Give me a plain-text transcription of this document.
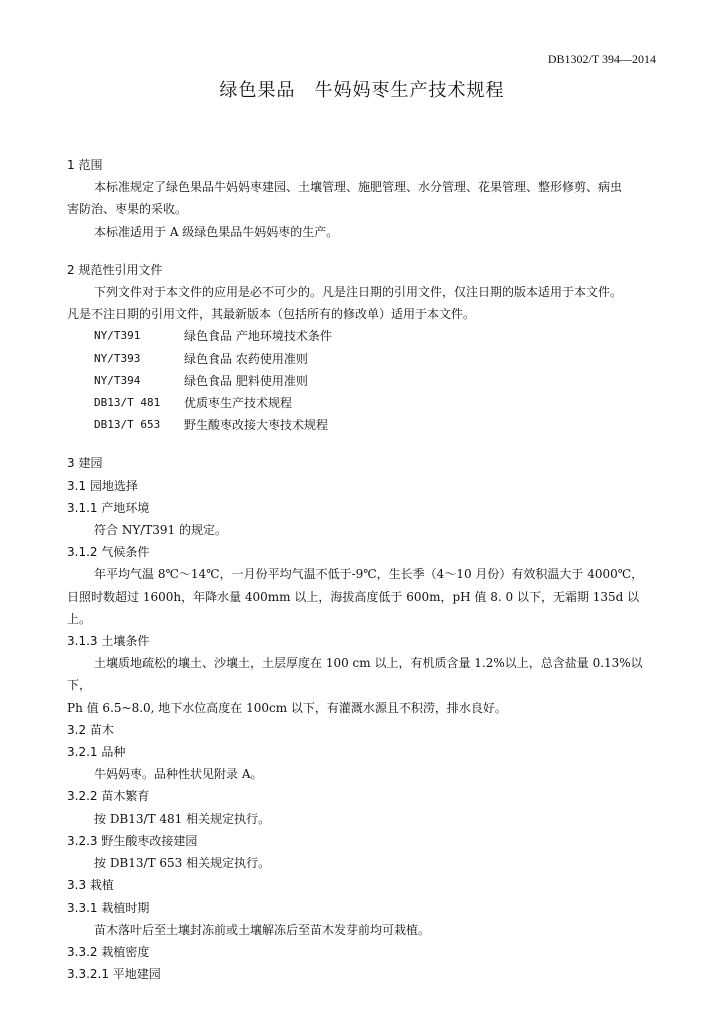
DB1302/T 394—2014
绿色果品　牛妈妈枣生产技术规程
1 范围

本标准规定了绿色果品牛妈妈枣建园、土壤管理、施肥管理、水分管理、花果管理、整形修剪、病虫

害防治、枣果的采收。

本标准适用于 A 级绿色果品牛妈妈枣的生产。

2 规范性引用文件

下列文件对于本文件的应用是必不可少的。凡是注日期的引用文件，仅注日期的版本适用于本文件。

凡是不注日期的引用文件，其最新版本（包括所有的修改单）适用于本文件。

NY/T391	绿色食品 产地环境技术条件
NY/T393	绿色食品 农药使用准则
NY/T394	绿色食品 肥料使用准则
DB13/T 481	优质枣生产技术规程
DB13/T 653	野生酸枣改接大枣技术规程
3 建园
3.1 园地选择
3.1.1 产地环境

符合 NY/T391 的规定。

3.1.2 气候条件

年平均气温 8℃～14℃，一月份平均气温不低于-9℃，生长季（4～10 月份）有效积温大于 4000℃，

日照时数超过 1600h，年降水量 400mm 以上，海拔高度低于 600m，pH 值 8. 0 以下，无霜期 135d 以上。

3.1.3 土壤条件

土壤质地疏松的壤土、沙壤土，土层厚度在 100 cm 以上，有机质含量 1.2%以上，总含盐量 0.13%以下，

Ph 值 6.5~8.0, 地下水位高度在 100cm 以下，有灌溉水源且不积涝，排水良好。

3.2 苗木
3.2.1 品种

牛妈妈枣。品种性状见附录 A。

3.2.2 苗木繁育

按 DB13/T 481 相关规定执行。

3.2.3 野生酸枣改接建园

按 DB13/T 653 相关规定执行。

3.3 栽植
3.3.1 栽植时期

苗木落叶后至土壤封冻前或土壤解冻后至苗木发芽前均可栽植。

3.3.2 栽植密度
3.3.2.1 平地建园
